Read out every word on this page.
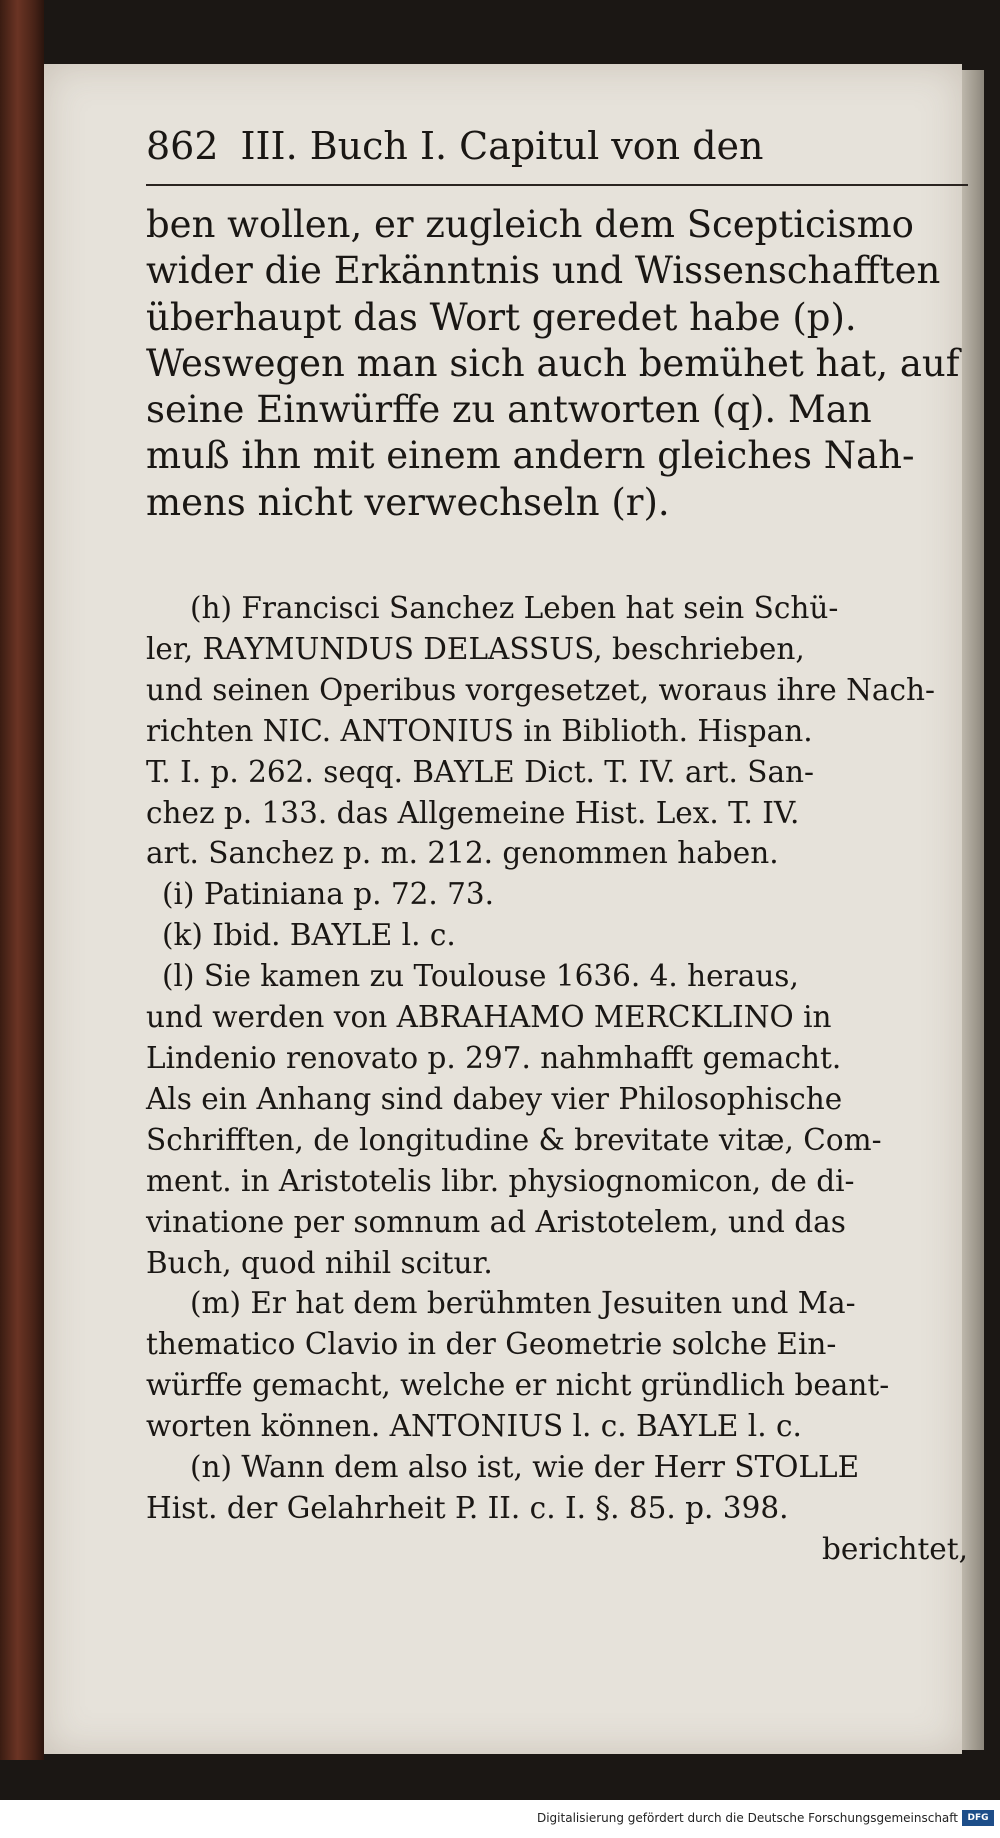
862 III. Buch I. Capitul von den
ben wollen, er zugleich dem Scepticismo
wider die Erkänntnis und Wissenschafften
überhaupt das Wort geredet habe (p).
Weswegen man sich auch bemühet hat, auf
seine Einwürffe zu antworten (q). Man
muß ihn mit einem andern gleiches Nah-
mens nicht verwechseln (r).
(h) Francisci Sanchez Leben hat sein Schü-
ler, RAYMUNDUS DELASSUS, beschrieben,
und seinen Operibus vorgesetzet, woraus ihre Nach-
richten NIC. ANTONIUS in Biblioth. Hispan.
T. I. p. 262. seqq. BAYLE Dict. T. IV. art. San-
chez p. 133. das Allgemeine Hist. Lex. T. IV.
art. Sanchez p. m. 212. genommen haben.
(i) Patiniana p. 72. 73.
(k) Ibid. BAYLE l. c.
(l) Sie kamen zu Toulouse 1636. 4. heraus,
und werden von ABRAHAMO MERCKLINO in
Lindenio renovato p. 297. nahmhafft gemacht.
Als ein Anhang sind dabey vier Philosophische
Schrifften, de longitudine & brevitate vitæ, Com-
ment. in Aristotelis libr. physiognomicon, de di-
vinatione per somnum ad Aristotelem, und das
Buch, quod nihil scitur.
(m) Er hat dem berühmten Jesuiten und Ma-
thematico Clavio in der Geometrie solche Ein-
würffe gemacht, welche er nicht gründlich beant-
worten können. ANTONIUS l. c. BAYLE l. c.
(n) Wann dem also ist, wie der Herr STOLLE
Hist. der Gelahrheit P. II. c. I. §. 85. p. 398.
berichtet,
Digitalisierung gefördert durch die Deutsche Forschungsgemeinschaft	DFG
